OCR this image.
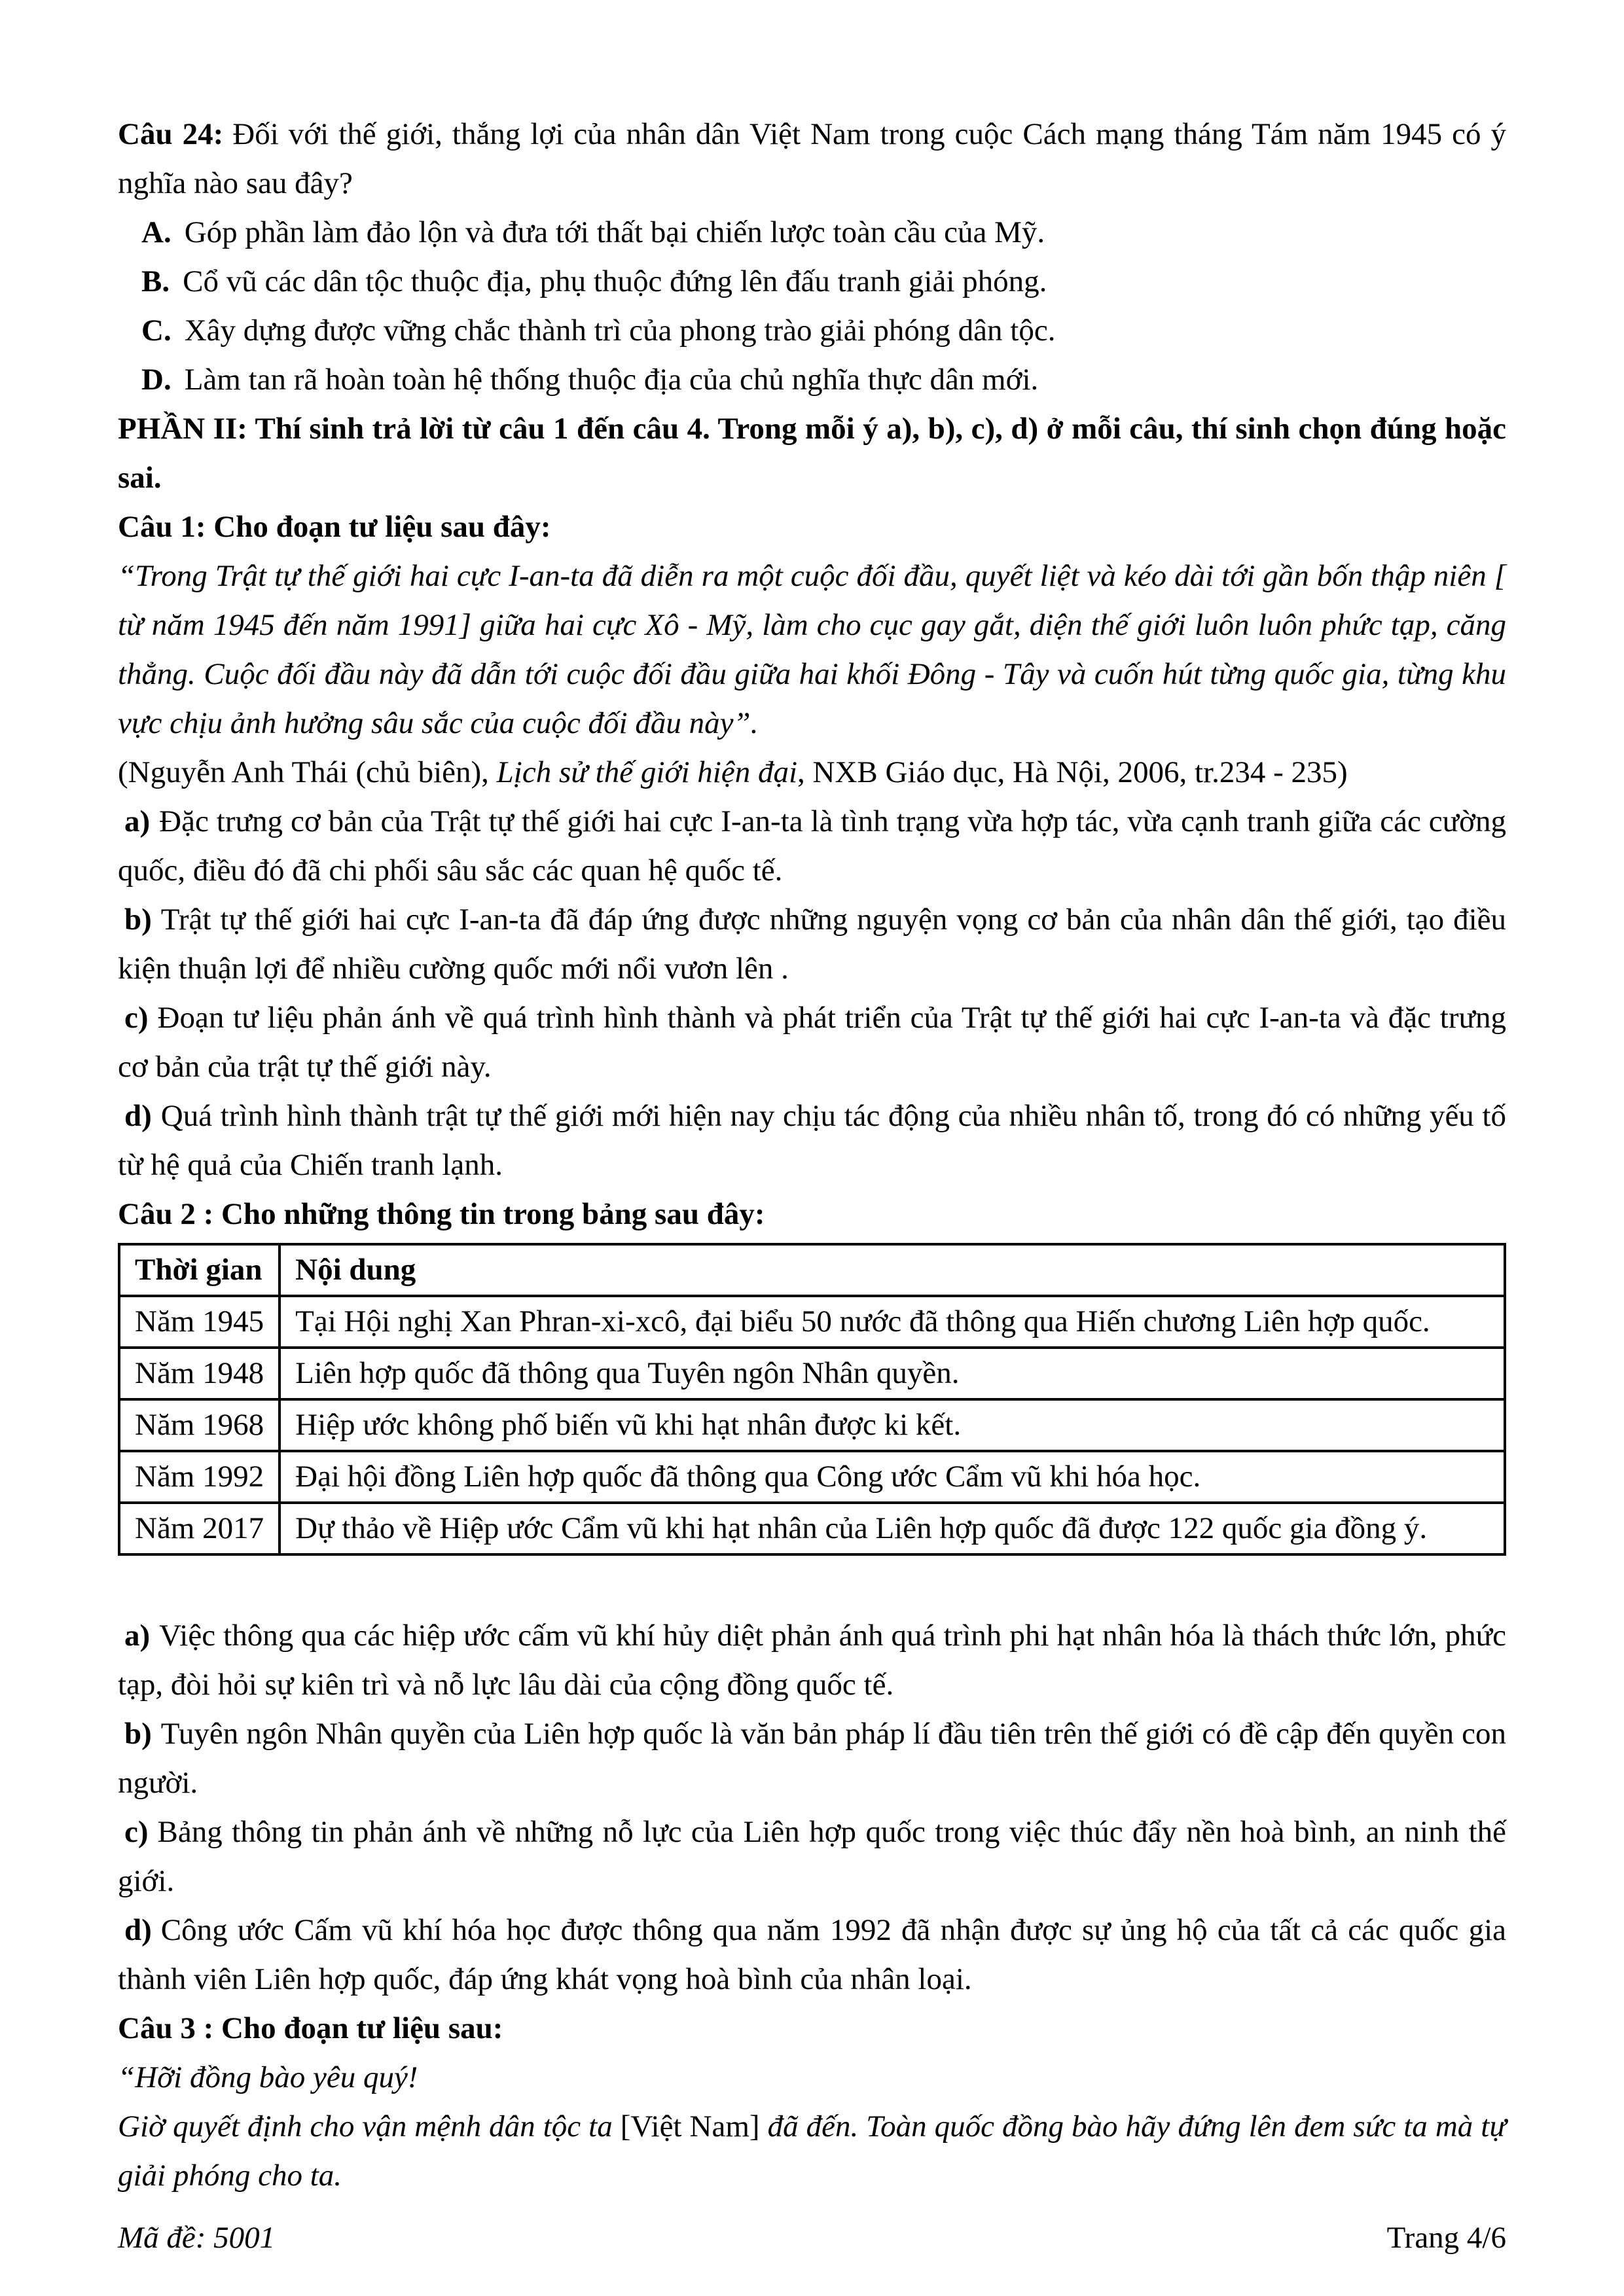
Câu 24: Đối với thế giới, thắng lợi của nhân dân Việt Nam trong cuộc Cách mạng tháng Tám năm 1945 có ý nghĩa nào sau đây?

A. Góp phần làm đảo lộn và đưa tới thất bại chiến lược toàn cầu của Mỹ.

B. Cổ vũ các dân tộc thuộc địa, phụ thuộc đứng lên đấu tranh giải phóng.

C. Xây dựng được vững chắc thành trì của phong trào giải phóng dân tộc.

D. Làm tan rã hoàn toàn hệ thống thuộc địa của chủ nghĩa thực dân mới.

PHẦN II: Thí sinh trả lời từ câu 1 đến câu 4. Trong mỗi ý a), b), c), d) ở mỗi câu, thí sinh chọn đúng hoặc sai.

Câu 1: Cho đoạn tư liệu sau đây:

“Trong Trật tự thế giới hai cực I-an-ta đã diễn ra một cuộc đối đầu, quyết liệt và kéo dài tới gần bốn thập niên [ từ năm 1945 đến năm 1991] giữa hai cực Xô - Mỹ, làm cho cục gay gắt, diện thế giới luôn luôn phức tạp, căng thẳng. Cuộc đối đầu này đã dẫn tới cuộc đối đầu giữa hai khối Đông - Tây và cuốn hút từng quốc gia, từng khu vực chịu ảnh hưởng sâu sắc của cuộc đối đầu này”.

(Nguyễn Anh Thái (chủ biên), Lịch sử thế giới hiện đại, NXB Giáo dục, Hà Nội, 2006, tr.234 - 235)

a) Đặc trưng cơ bản của Trật tự thế giới hai cực I-an-ta là tình trạng vừa hợp tác, vừa cạnh tranh giữa các cường quốc, điều đó đã chi phối sâu sắc các quan hệ quốc tế.

b) Trật tự thế giới hai cực I-an-ta đã đáp ứng được những nguyện vọng cơ bản của nhân dân thế giới, tạo điều kiện thuận lợi để nhiều cường quốc mới nổi vươn lên .

c) Đoạn tư liệu phản ánh về quá trình hình thành và phát triển của Trật tự thế giới hai cực I-an-ta và đặc trưng cơ bản của trật tự thế giới này.

d) Quá trình hình thành trật tự thế giới mới hiện nay chịu tác động của nhiều nhân tố, trong đó có những yếu tố từ hệ quả của Chiến tranh lạnh.

Câu 2 : Cho những thông tin trong bảng sau đây:

Thời gian	Nội dung
Năm 1945	Tại Hội nghị Xan Phran-xi-xcô, đại biểu 50 nước đã thông qua Hiến chương Liên hợp quốc.
Năm 1948	Liên hợp quốc đã thông qua Tuyên ngôn Nhân quyền.
Năm 1968	Hiệp ước không phố biến vũ khi hạt nhân được ki kết.
Năm 1992	Đại hội đồng Liên hợp quốc đã thông qua Công ước Cẩm vũ khi hóa học.
Năm 2017	Dự thảo về Hiệp ước Cẩm vũ khi hạt nhân của Liên hợp quốc đã được 122 quốc gia đồng ý.

a) Việc thông qua các hiệp ước cấm vũ khí hủy diệt phản ánh quá trình phi hạt nhân hóa là thách thức lớn, phức tạp, đòi hỏi sự kiên trì và nỗ lực lâu dài của cộng đồng quốc tế.

b) Tuyên ngôn Nhân quyền của Liên hợp quốc là văn bản pháp lí đầu tiên trên thế giới có đề cập đến quyền con người.

c) Bảng thông tin phản ánh về những nỗ lực của Liên hợp quốc trong việc thúc đẩy nền hoà bình, an ninh thế giới.

d) Công ước Cấm vũ khí hóa học được thông qua năm 1992 đã nhận được sự ủng hộ của tất cả các quốc gia thành viên Liên hợp quốc, đáp ứng khát vọng hoà bình của nhân loại.

Câu 3 : Cho đoạn tư liệu sau:

“Hỡi đồng bào yêu quý!

Giờ quyết định cho vận mệnh dân tộc ta [Việt Nam] đã đến. Toàn quốc đồng bào hãy đứng lên đem sức ta mà tự giải phóng cho ta.

Mã đề: 5001	Trang 4/6
